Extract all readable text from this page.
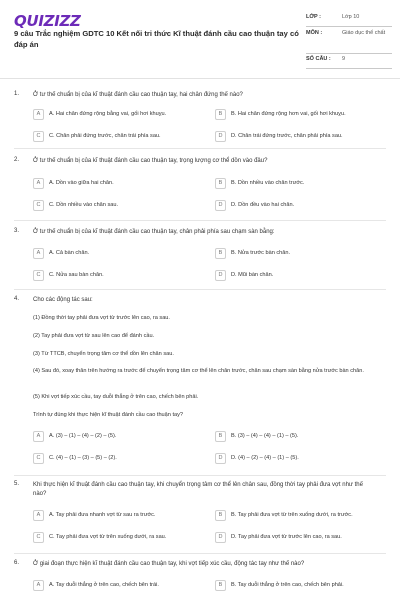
QUIZIZZ
9 câu Trắc nghiệm GDTC 10 Kết nối tri thức Kĩ thuật đánh cầu cao thuận tay có đáp án
LỚP :	Lớp 10
MÔN :	Giáo dục thể chất
SỐ CÂU : 9
1. Ở tư thế chuẩn bị của kĩ thuật đánh cầu cao thuận tay, hai chân đứng thế nào?
A	A. Hai chân đứng rộng bằng vai, gối hơi khuỵu.	B	B. Hai chân đứng rộng hơn vai, gối hơi khuỵu.
C	C. Chân phải đứng trước, chân trái phía sau.	D	D. Chân trái đứng trước, chân phải phía sau.
2. Ở tư thế chuẩn bị của kĩ thuật đánh cầu cao thuận tay, trọng lượng cơ thể dồn vào đâu?
A	A. Dồn vào giữa hai chân.	B	B. Dồn nhiều vào chân trước.
C	C. Dồn nhiều vào chân sau.	D	D. Dồn đều vào hai chân.
3. Ở tư thế chuẩn bị của kĩ thuật đánh cầu cao thuận tay, chân phải phía sau chạm sàn bằng:
A	A. Cả bàn chân.	B	B. Nửa trước bàn chân.
C	C. Nửa sau bàn chân.	D	D. Mũi bàn chân.
4. Cho các động tác sau:
(1) Đồng thời tay phải đưa vợt từ trước lên cao, ra sau.
(2) Tay phải đưa vợt từ sau lên cao để đánh cầu.
(3) Từ TTCB, chuyển trọng tâm cơ thể dồn lên chân sau.
(4) Sau đó, xoay thân trên hướng ra trước để chuyển trọng tâm cơ thể lên chân trước, chân sau chạm sàn bằng nửa trước bàn chân.
(5) Khi vợt tiếp xúc cầu, tay duỗi thẳng ở trên cao, chếch bên phải.
Trình tự đúng khi thực hiện kĩ thuật đánh cầu cao thuận tay?
A	A. (3) – (1) – (4) – (2) – (5).	B	B. (3) – (4) – (4) – (1) – (5).
C	C. (4) – (1) – (3) – (5) – (2).	D	D. (4) – (2) – (4) – (1) – (5).
5. Khi thực hiện kĩ thuật đánh cầu cao thuận tay, khi chuyển trọng tâm cơ thể lên chân sau, đồng thời tay phải đưa vợt như thế nào?
A	A. Tay phải đưa nhanh vợt từ sau ra trước.	B	B. Tay phải đưa vợt từ trên xuống dưới, ra trước.
C	C. Tay phải đưa vợt từ trên xuống dưới, ra sau.	D	D. Tay phải đưa vợt từ trước lên cao, ra sau.
6. Ở giai đoạn thực hiện kĩ thuật đánh cầu cao thuận tay, khi vợt tiếp xúc cầu, động tác tay như thế nào?
A	A. Tay duỗi thẳng ở trên cao, chếch bên trái.	B	B. Tay duỗi thẳng ở trên cao, chếch bên phải.
